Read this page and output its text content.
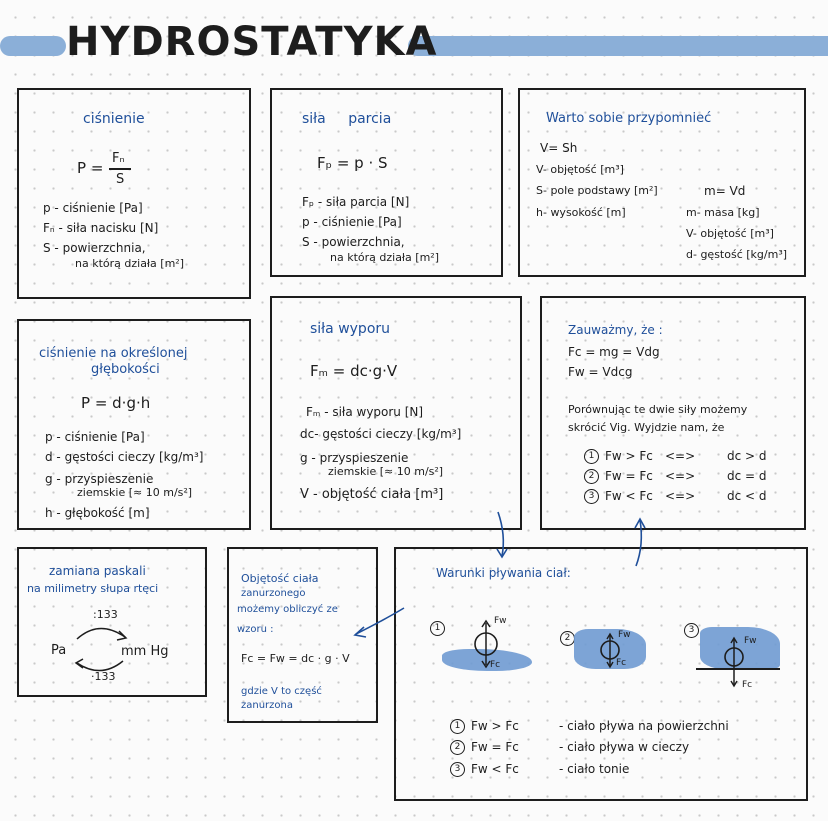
HYDROSTATYKA
ciśnienie
P =
Fₙ
S
p - ciśnienie [Pa]
Fₙ - siła nacisku [N]
S - powierzchnia,
na którą działa [m²]
siła parcia
Fₚ = p · S
Fₚ - siła parcia [N]
p - ciśnienie [Pa]
S - powierzchnia,
na którą działa [m²]
Warto sobie przypomnieć
V= Sh
V- objętość [m³]
S- pole podstawy [m²]
h- wysokość [m]
m= Vd
m- masa [kg]
V- objętość [m³]
d- gęstość [kg/m³]
ciśnienie na określonej
głębokości
P = d·g·h
p - ciśnienie [Pa]
d - gęstości cieczy [kg/m³]
g - przyspieszenie
ziemskie [≈ 10 m/s²]
h - głębokość [m]
siła wyporu
Fₘ = dc·g·V
Fₘ - siła wyporu [N]
dc- gęstości cieczy [kg/m³]
g - przyspieszenie
ziemskie [≈ 10 m/s²]
V - objętość ciała [m³]
Zauważmy, że :
Fc = mg = Vdg
Fw = Vdcg
Porównując te dwie siły możemy
skrócić Vig. Wyjdzie nam, że
1 Fw > Fc <=>	dc > d
2 Fw = Fc <=>	dc = d
3 Fw < Fc <=>	dc < d
zamiana paskali
na milimetry słupa rtęci
:133
Pa	mm Hg
·133
Objętość ciała
zanurzonego
możemy obliczyć ze
wzoru :
Fc = Fw = dc · g · V
gdzie V to część
zanurzona
Warunki pływania ciał:
1
Fw
Fc
2	Fw
Fc
3
Fw
Fc
1 Fw > Fc	- ciało pływa na powierzchni
2 Fw = Fc	- ciało pływa w cieczy
3 Fw < Fc	- ciało tonie
